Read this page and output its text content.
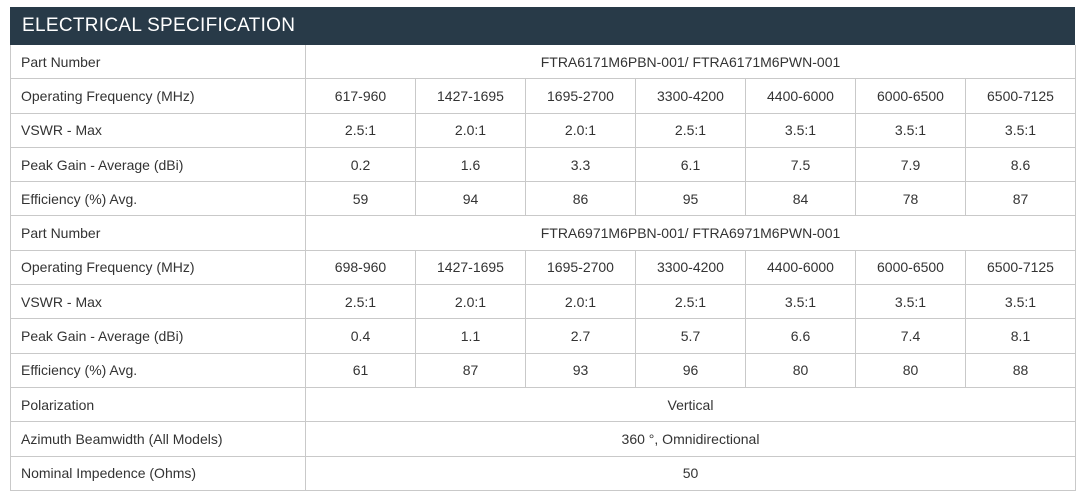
ELECTRICAL SPECIFICATION
Part Number	FTRA6171M6PBN-001/ FTRA6171M6PWN-001						
Operating Frequency (MHz)	617-960	1427-1695	1695-2700	3300-4200	4400-6000	6000-6500	6500-7125
VSWR - Max	2.5:1	2.0:1	2.0:1	2.5:1	3.5:1	3.5:1	3.5:1
Peak Gain - Average (dBi)	0.2	1.6	3.3	6.1	7.5	7.9	8.6
Efficiency (%) Avg.	59	94	86	95	84	78	87
Part Number	FTRA6971M6PBN-001/ FTRA6971M6PWN-001						
Operating Frequency (MHz)	698-960	1427-1695	1695-2700	3300-4200	4400-6000	6000-6500	6500-7125
VSWR - Max	2.5:1	2.0:1	2.0:1	2.5:1	3.5:1	3.5:1	3.5:1
Peak Gain - Average (dBi)	0.4	1.1	2.7	5.7	6.6	7.4	8.1
Efficiency (%) Avg.	61	87	93	96	80	80	88
Polarization	Vertical						
Azimuth Beamwidth (All Models)	360 °, Omnidirectional						
Nominal Impedence (Ohms)	50						
